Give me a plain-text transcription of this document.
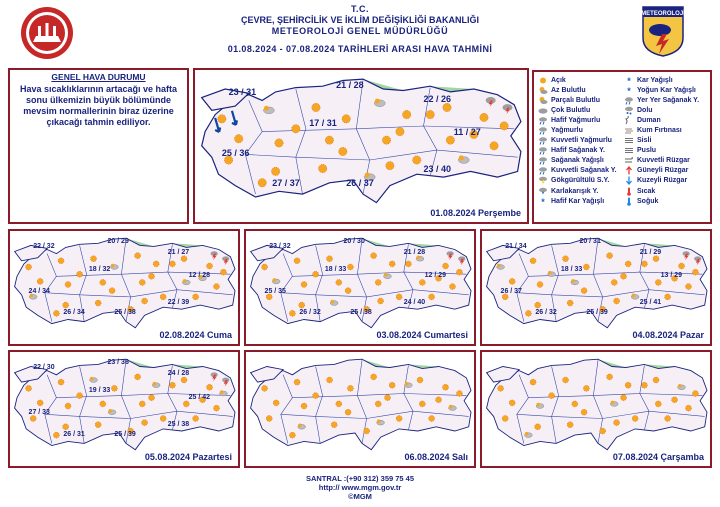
T.C.
ÇEVRE, ŞEHİRCİLİK VE İKLİM DEĞİŞİKLİĞİ BAKANLIĞI
METEOROLOJİ GENEL MÜDÜRLÜĞÜ
01.08.2024 - 07.08.2024 TARİHLERİ ARASI HAVA TAHMİNİ
METEOROLOJİ
GENEL HAVA DURUMU
Hava sıcaklıklarının artacağı ve hafta sonu ülkemizin büyük bölümünde mevsim normallerinin biraz üzerine çıkacağı tahmin ediliyor.
01.08.2024 Perşembe
23 / 31
21 / 28
22 / 26
17 / 31
11 / 27
25 / 36
23 / 40
27 / 37	26 / 37
Açık	* Kar Yağışlı
Az Bulutlu	* Yoğun Kar Yağışlı
Parçalı Bulutlu	Yer Yer Sağanak Y.
Çok Bulutlu	Dolu
Hafif Yağmurlu	Duman
Yağmurlu	Kum Fırtınası
Kuvvetli Yağmurlu	Sisli
Hafif Sağanak Y.	Puslu
Sağanak Yağışlı	Kuvvetli Rüzgar
Kuvvetli Sağanak Y.	Güneyli Rüzgar
Gökgürültülü S.Y.	Kuzeyli Rüzgar
* Karlakarışık Y.	Sıcak
* Hafif Kar Yağışlı	Soğuk
02.08.2024 Cuma
22 / 32
20 / 29
21 / 27
18 / 32
12 / 28
24 / 34
22 / 39
26 / 34	25 / 38
03.08.2024 Cumartesi
23 / 32
20 / 30
21 / 28
18 / 33
12 / 29
25 / 35
24 / 40
26 / 32	25 / 38
04.08.2024 Pazar
21 / 34
20 / 31
21 / 29
18 / 33
13 / 29
26 / 37
25 / 41
26 / 32	25 / 39
05.08.2024 Pazartesi
22 / 30
23 / 36
24 / 28
19 / 33
25 / 42
27 / 33
25 / 38
26 / 31	25 / 39
06.08.2024 Salı	07.08.2024 Çarşamba
SANTRAL :(+90 312) 359 75 45
http:// www.mgm.gov.tr
©MGM
